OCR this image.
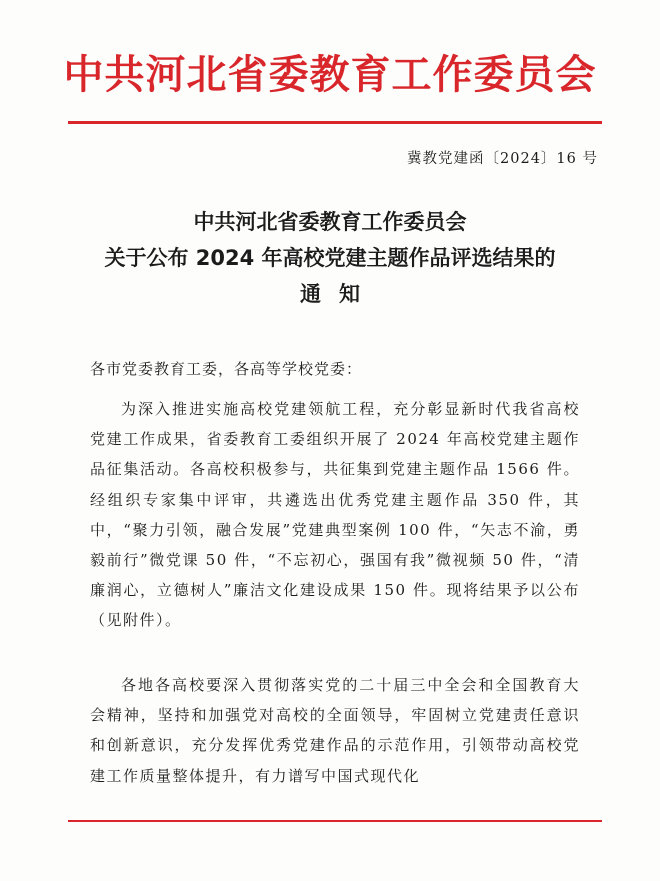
中共河北省委教育工作委员会
冀教党建函〔2024〕16 号
中共河北省委教育工作委员会
关于公布 2024 年高校党建主题作品评选结果的
通知
各市党委教育工委，各高等学校党委：
为深入推进实施高校党建领航工程，充分彰显新时代我省高校党建工作成果，省委教育工委组织开展了 2024 年高校党建主题作品征集活动。各高校积极参与，共征集到党建主题作品 1566 件。经组织专家集中评审，共遴选出优秀党建主题作品 350 件，其中，“聚力引领，融合发展”党建典型案例 100 件，“矢志不渝，勇毅前行”微党课 50 件，“不忘初心，强国有我”微视频 50 件，“清廉润心，立德树人”廉洁文化建设成果 150 件。现将结果予以公布（见附件）。
各地各高校要深入贯彻落实党的二十届三中全会和全国教育大会精神，坚持和加强党对高校的全面领导，牢固树立党建责任意识和创新意识，充分发挥优秀党建作品的示范作用，引领带动高校党建工作质量整体提升，有力谱写中国式现代化
